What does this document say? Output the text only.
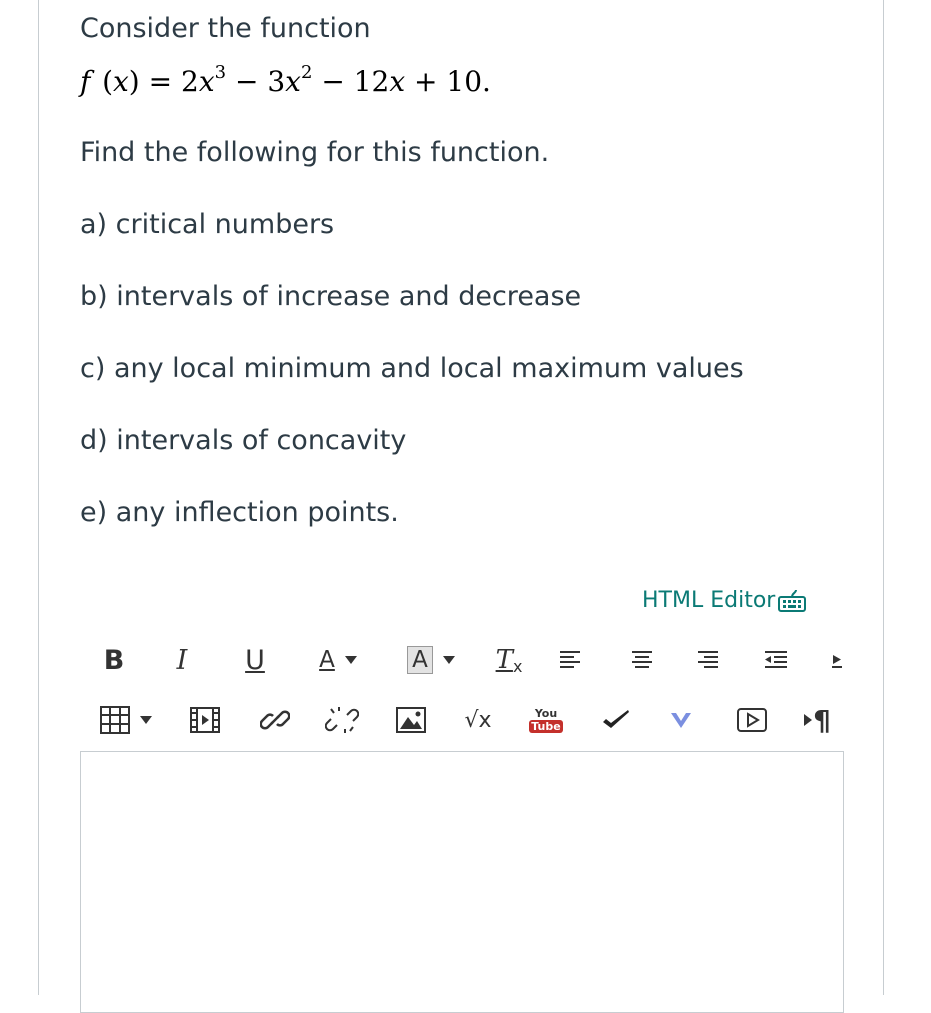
Consider the function

f  $(x) = 2x^3 - 3x^2 - 12x + 10$.

Find the following for this function.

a) critical numbers

b) intervals of increase and decrease

c) any local minimum and local maximum values

d) intervals of concavity

e) any inflection points.

HTML Editor
B I U A	A	T x
√x	You
Tube	¶
